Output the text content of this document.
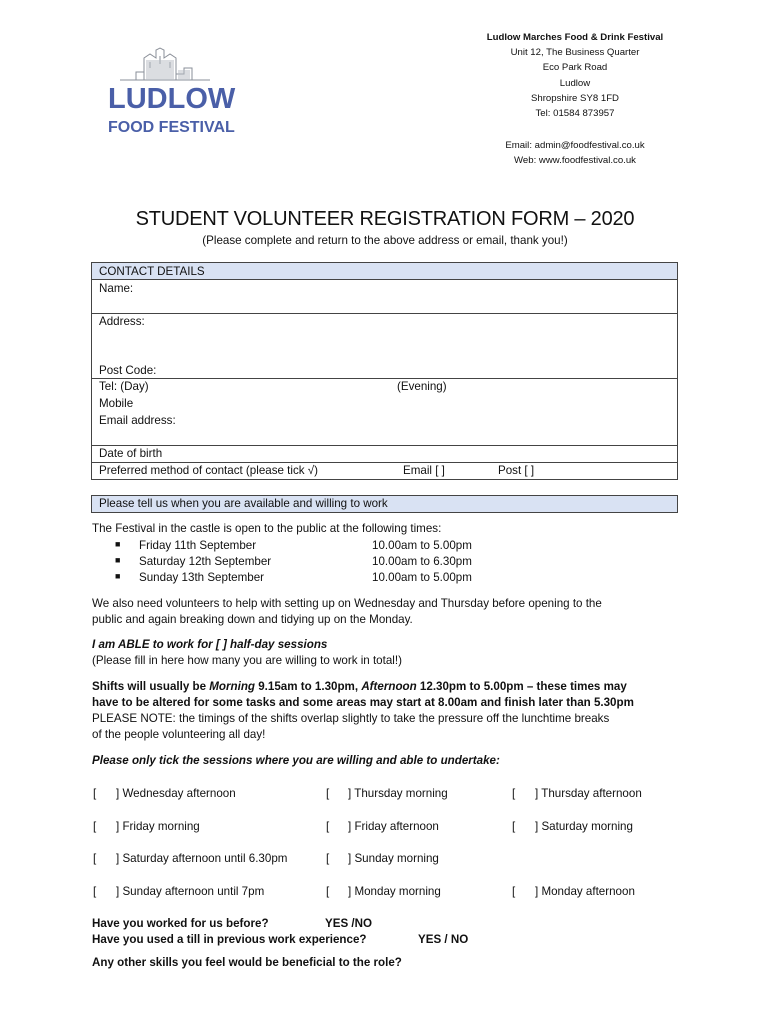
LUDLOW
FOOD FESTIVAL
Ludlow Marches Food & Drink Festival
Unit 12, The Business Quarter
Eco Park Road
Ludlow
Shropshire SY8 1FD
Tel: 01584 873957
Email: admin@foodfestival.co.uk
Web: www.foodfestival.co.uk
STUDENT VOLUNTEER REGISTRATION FORM – 2020
(Please complete and return to the above address or email, thank you!)
CONTACT DETAILS
Name:
Address:
Post Code:
Tel: (Day)	(Evening)
Mobile
Email address:
Date of birth
Preferred method of contact (please tick √)	Email [ ]	Post [ ]
Please tell us when you are available and willing to work
The Festival in the castle is open to the public at the following times:
■ Friday 11th September	10.00am to 5.00pm
■ Saturday 12th September	10.00am to 6.30pm
■ Sunday 13th September	10.00am to 5.00pm
We also need volunteers to help with setting up on Wednesday and Thursday before opening to the
public and again breaking down and tidying up on the Monday.
I am ABLE to work for [ ] half-day sessions
(Please fill in here how many you are willing to work in total!)
Shifts will usually be Morning 9.15am to 1.30pm, Afternoon 12.30pm to 5.00pm – these times may
have to be altered for some tasks and some areas may start at 8.00am and finish later than 5.30pm
PLEASE NOTE: the timings of the shifts overlap slightly to take the pressure off the lunchtime breaks
of the people volunteering all day!
Please only tick the sessions where you are willing and able to undertake:
[ ] Wednesday afternoon	[ ] Thursday morning	[ ] Thursday afternoon
[ ] Friday morning	[ ] Friday afternoon	[ ] Saturday morning
[ ] Saturday afternoon until 6.30pm	[ ] Sunday morning
[ ] Sunday afternoon until 7pm	[ ] Monday morning	[ ] Monday afternoon
Have you worked for us before?	YES /NO
Have you used a till in previous work experience?	YES / NO
Any other skills you feel would be beneficial to the role?
